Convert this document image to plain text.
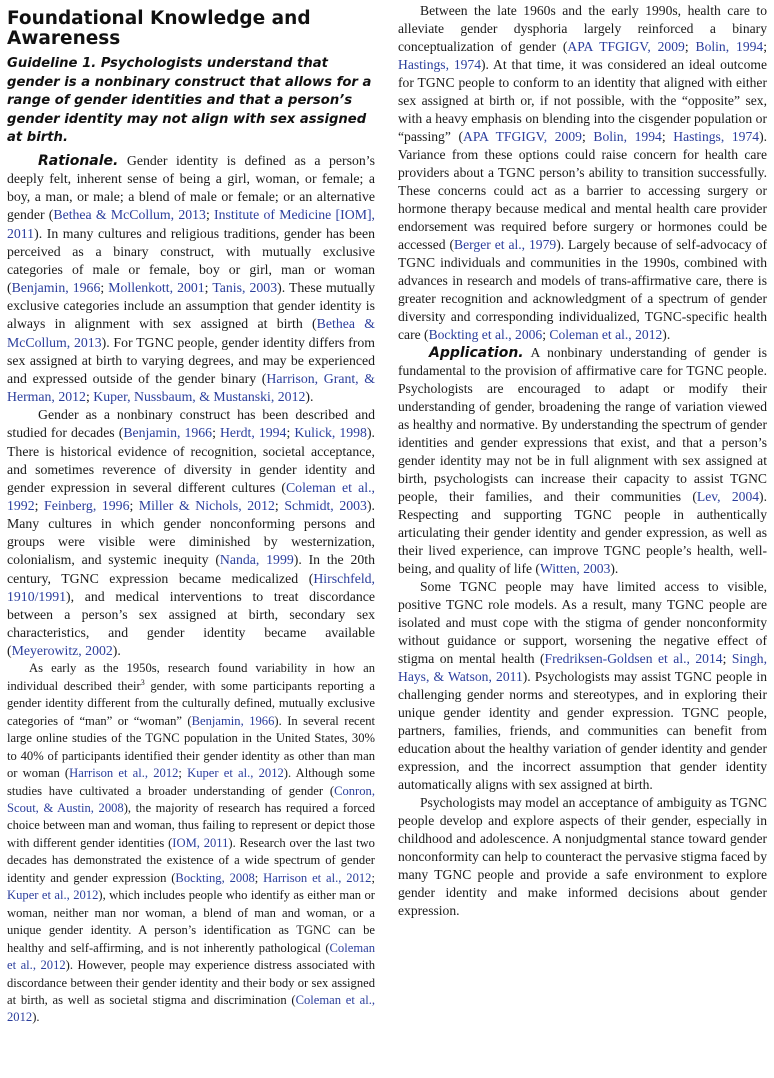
Foundational Knowledge and Awareness
Guideline 1. Psychologists understand that gender is a nonbinary construct that allows for a range of gender identities and that a person’s gender identity may not align with sex assigned at birth.

Rationale. Gender identity is defined as a person’s deeply felt, inherent sense of being a girl, woman, or female; a boy, a man, or male; a blend of male or female; or an alternative gender (Bethea & McCollum, 2013; Institute of Medicine [IOM], 2011). In many cultures and religious traditions, gender has been perceived as a binary construct, with mutually exclusive categories of male or female, boy or girl, man or woman (Benjamin, 1966; Mollenkott, 2001; Tanis, 2003). These mutually exclusive categories include an assumption that gender identity is always in alignment with sex assigned at birth (Bethea & McCollum, 2013). For TGNC people, gender identity differs from sex assigned at birth to varying degrees, and may be experienced and expressed outside of the gender binary (Harrison, Grant, & Herman, 2012; Kuper, Nussbaum, & Mustanski, 2012).

Gender as a nonbinary construct has been described and studied for decades (Benjamin, 1966; Herdt, 1994; Kulick, 1998). There is historical evidence of recognition, societal acceptance, and sometimes reverence of diversity in gender identity and gender expression in several different cultures (Coleman et al., 1992; Feinberg, 1996; Miller & Nichols, 2012; Schmidt, 2003). Many cultures in which gender nonconforming persons and groups were visible were diminished by westernization, colonialism, and systemic inequity (Nanda, 1999). In the 20th century, TGNC expression became medicalized (Hirschfeld, 1910/1991), and medical interventions to treat discordance between a person’s sex assigned at birth, secondary sex characteristics, and gender identity became available (Meyerowitz, 2002).

As early as the 1950s, research found variability in how an individual described their$^3$ gender, with some participants reporting a gender identity different from the culturally defined, mutually exclusive categories of “man” or “woman” (Benjamin, 1966). In several recent large online studies of the TGNC population in the United States, 30% to 40% of participants identified their gender identity as other than man or woman (Harrison et al., 2012; Kuper et al., 2012). Although some studies have cultivated a broader understanding of gender (Conron, Scout, & Austin, 2008), the majority of research has required a forced choice between man and woman, thus failing to represent or depict those with different gender identities (IOM, 2011). Research over the last two decades has demonstrated the existence of a wide spectrum of gender identity and gender expression (Bockting, 2008; Harrison et al., 2012; Kuper et al., 2012), which includes people who identify as either man or woman, neither man nor woman, a blend of man and woman, or a unique gender identity. A person’s identification as TGNC can be healthy and self-affirming, and is not inherently pathological (Coleman et al., 2012). However, people may experience distress associated with discordance between their gender identity and their body or sex assigned at birth, as well as societal stigma and discrimination (Coleman et al., 2012).

Between the late 1960s and the early 1990s, health care to alleviate gender dysphoria largely reinforced a binary conceptualization of gender (APA TFGIGV, 2009; Bolin, 1994; Hastings, 1974). At that time, it was considered an ideal outcome for TGNC people to conform to an identity that aligned with either sex assigned at birth or, if not possible, with the “opposite” sex, with a heavy emphasis on blending into the cisgender population or “passing” (APA TFGIGV, 2009; Bolin, 1994; Hastings, 1974). Variance from these options could raise concern for health care providers about a TGNC person’s ability to transition successfully. These concerns could act as a barrier to accessing surgery or hormone therapy because medical and mental health care provider endorsement was required before surgery or hormones could be accessed (Berger et al., 1979). Largely because of self-advocacy of TGNC individuals and communities in the 1990s, combined with advances in research and models of trans-affirmative care, there is greater recognition and acknowledgment of a spectrum of gender diversity and corresponding individualized, TGNC-specific health care (Bockting et al., 2006; Coleman et al., 2012).

Application. A nonbinary understanding of gender is fundamental to the provision of affirmative care for TGNC people. Psychologists are encouraged to adapt or modify their understanding of gender, broadening the range of variation viewed as healthy and normative. By understanding the spectrum of gender identities and gender expressions that exist, and that a person’s gender identity may not be in full alignment with sex assigned at birth, psychologists can increase their capacity to assist TGNC people, their families, and their communities (Lev, 2004). Respecting and supporting TGNC people in authentically articulating their gender identity and gender expression, as well as their lived experience, can improve TGNC people’s health, well-being, and quality of life (Witten, 2003).

Some TGNC people may have limited access to visible, positive TGNC role models. As a result, many TGNC people are isolated and must cope with the stigma of gender nonconformity without guidance or support, worsening the negative effect of stigma on mental health (Fredriksen-Goldsen et al., 2014; Singh, Hays, & Watson, 2011). Psychologists may assist TGNC people in challenging gender norms and stereotypes, and in exploring their unique gender identity and gender expression. TGNC people, partners, families, friends, and communities can benefit from education about the healthy variation of gender identity and gender expression, and the incorrect assumption that gender identity automatically aligns with sex assigned at birth.

Psychologists may model an acceptance of ambiguity as TGNC people develop and explore aspects of their gender, especially in childhood and adolescence. A nonjudgmental stance toward gender nonconformity can help to counteract the pervasive stigma faced by many TGNC people and provide a safe environment to explore gender identity and make informed decisions about gender expression.
